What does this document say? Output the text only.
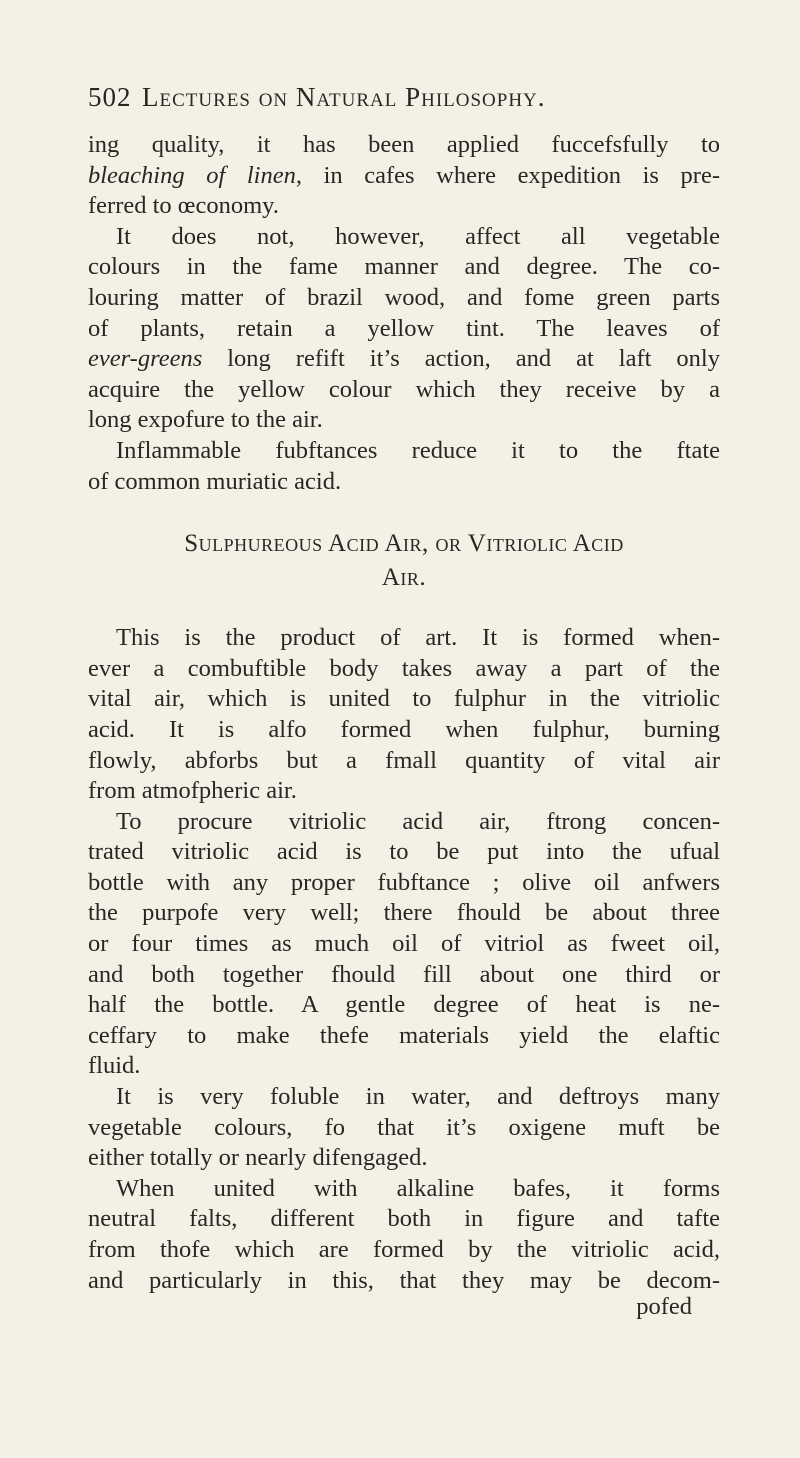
502 Lectures on Natural Philosophy.
ing quality, it has been applied fuccefsfully to
bleaching of linen, in cafes where expedition is pre-
ferred to œconomy.
It does not, however, affect all vegetable
colours in the fame manner and degree. The co-
louring matter of brazil wood, and fome green parts
of plants, retain a yellow tint. The leaves of
ever-greens long refift it’s action, and at laft only
acquire the yellow colour which they receive by a
long expofure to the air.
Inflammable fubftances reduce it to the ftate
of common muriatic acid.
Sulphureous Acid Air, or Vitriolic Acid
Air.
This is the product of art. It is formed when-
ever a combuftible body takes away a part of the
vital air, which is united to fulphur in the vitriolic
acid. It is alfo formed when fulphur, burning
flowly, abforbs but a fmall quantity of vital air
from atmofpheric air.
To procure vitriolic acid air, ftrong concen-
trated vitriolic acid is to be put into the ufual
bottle with any proper fubftance ; olive oil anfwers
the purpofe very well; there fhould be about three
or four times as much oil of vitriol as fweet oil,
and both together fhould fill about one third or
half the bottle. A gentle degree of heat is ne-
ceffary to make thefe materials yield the elaftic
fluid.
It is very foluble in water, and deftroys many
vegetable colours, fo that it’s oxigene muft be
either totally or nearly difengaged.
When united with alkaline bafes, it forms
neutral falts, different both in figure and tafte
from thofe which are formed by the vitriolic acid,
and particularly in this, that they may be decom-
pofed
